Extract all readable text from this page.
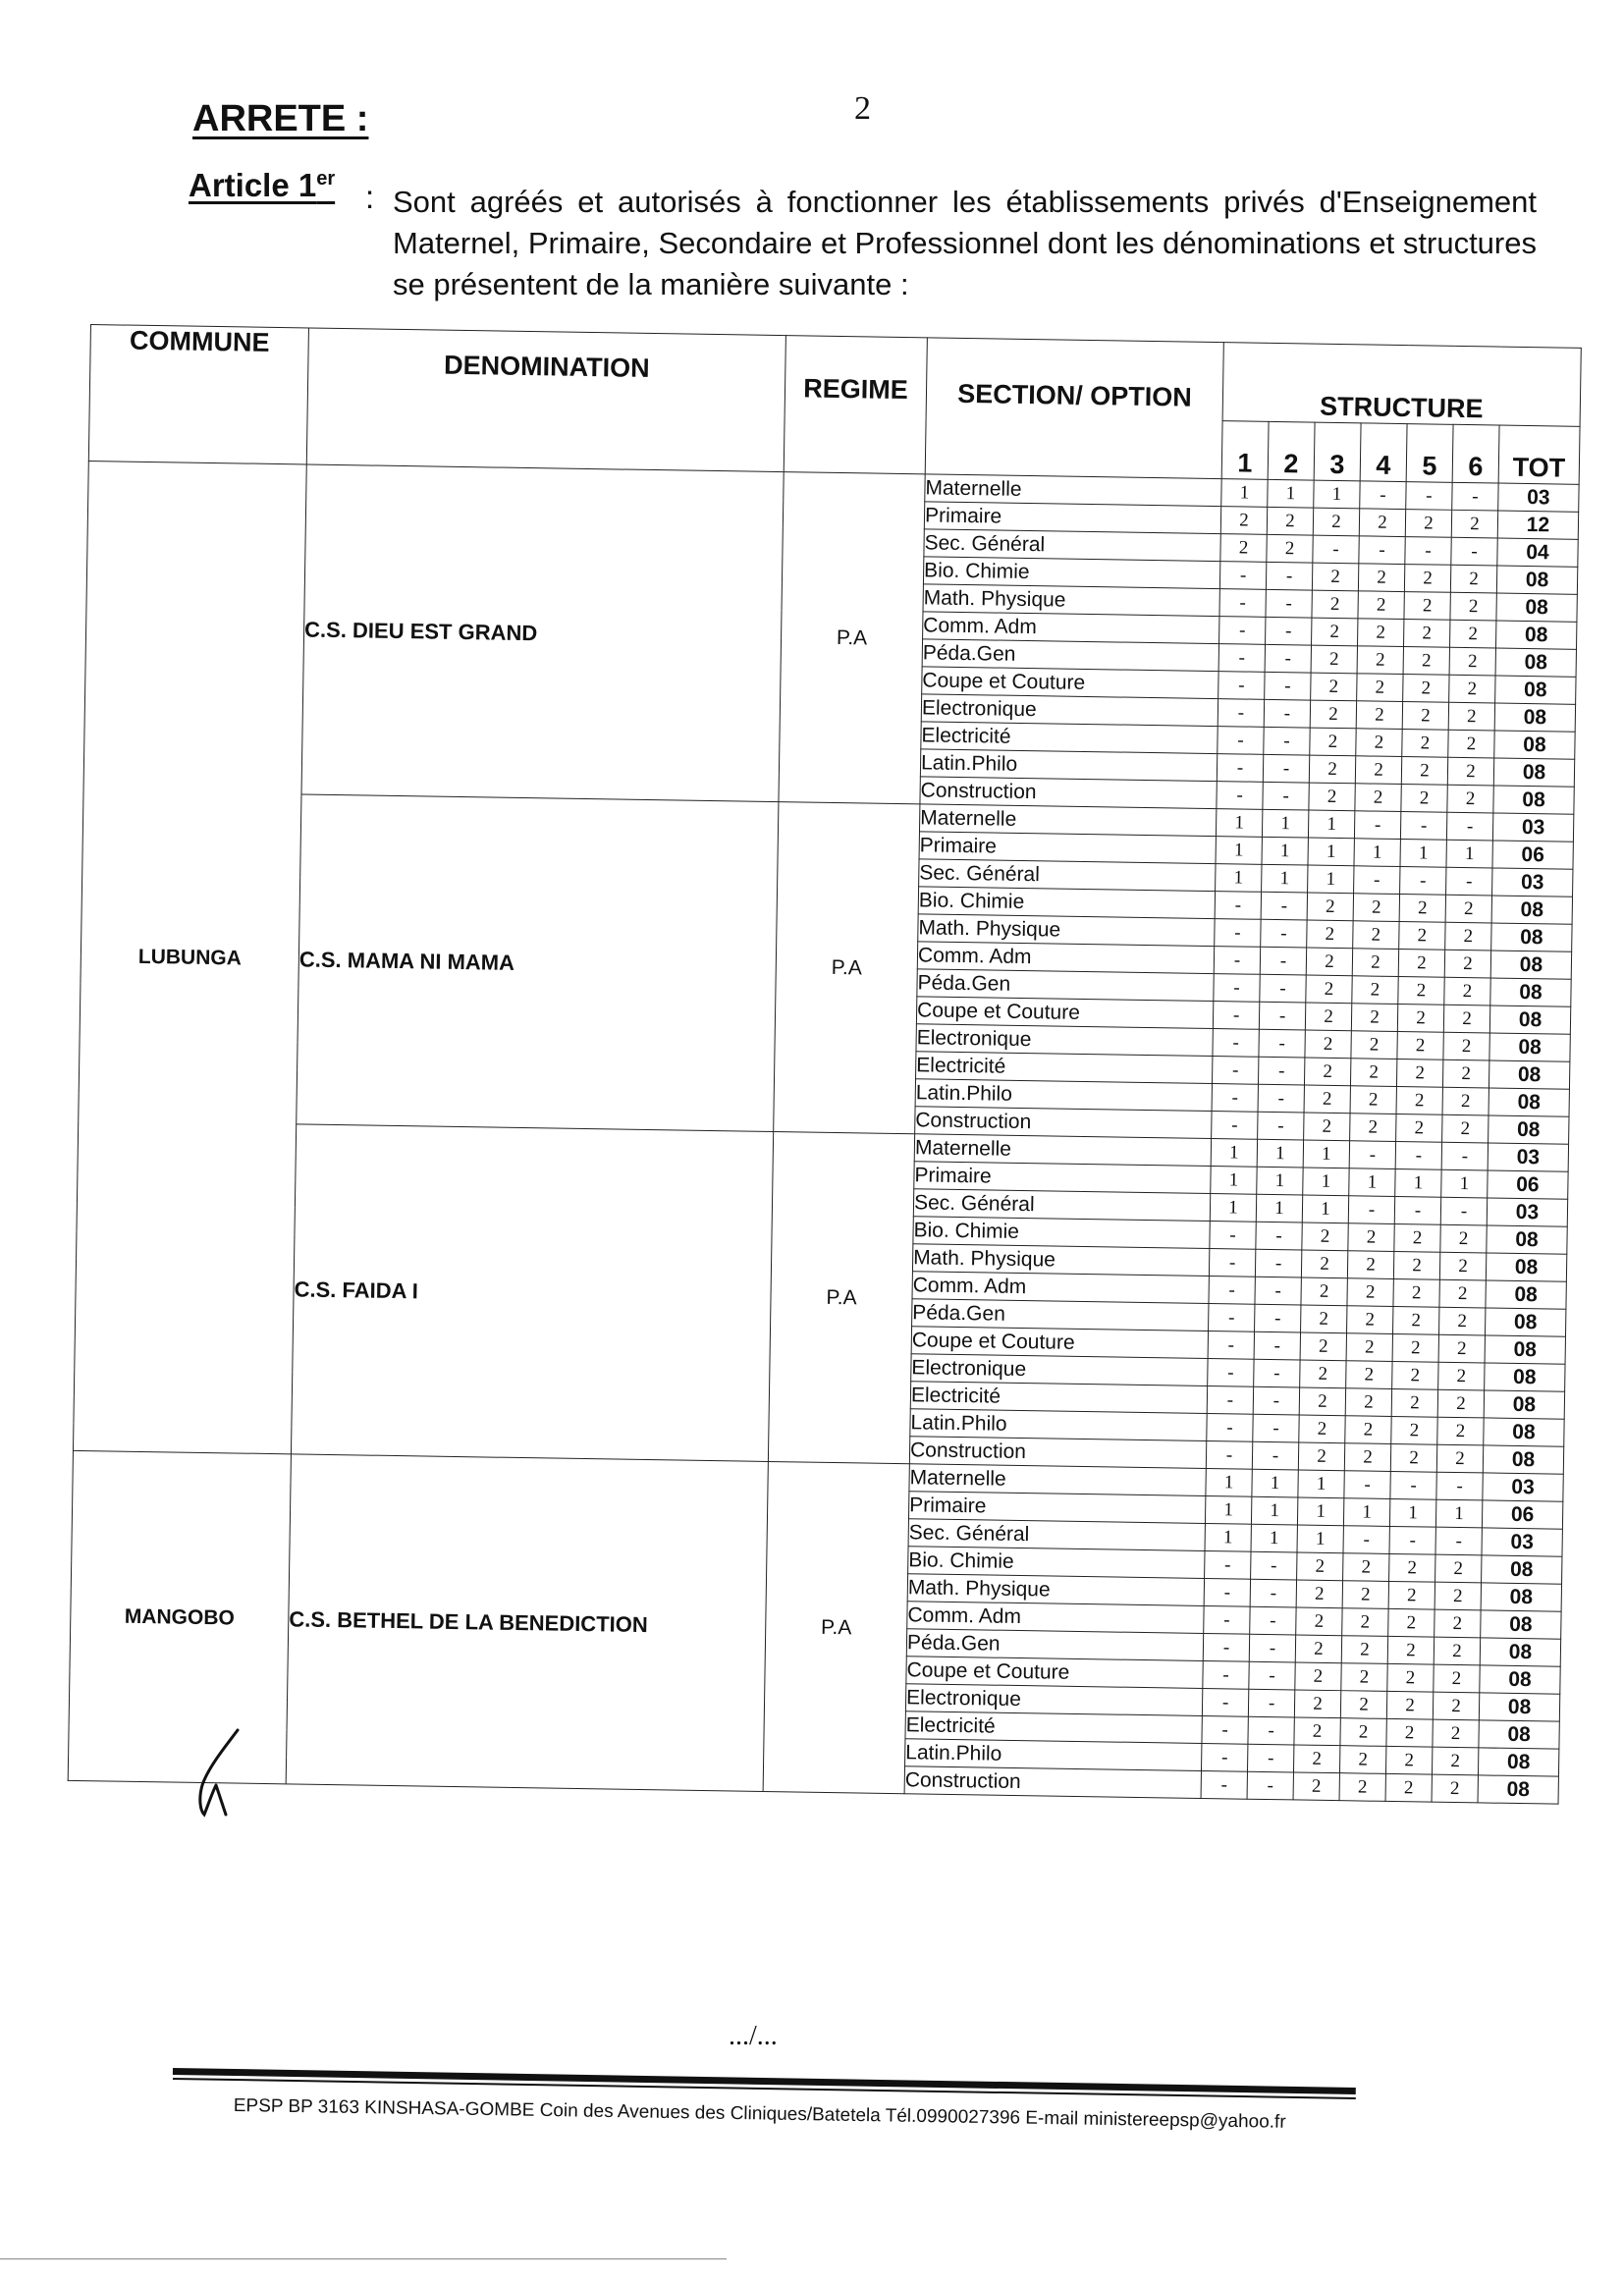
2
ARRETE :
Article 1er : Sont agréés et autorisés à fonctionner les établissements privés d'Enseignement Maternel, Primaire, Secondaire et Professionnel dont les dénominations et structures se présentent de la manière suivante :
COMMUNE	DENOMINATION	REGIME	SECTION/ OPTION	STRUCTURE						
				1	2	3	4	5	6	TOT
LUBUNGA	C.S. DIEU EST GRAND	P.A	Maternelle	1	1	1	-	-	-	03
			Primaire	2	2	2	2	2	2	12
			Sec. Général	2	2	-	-	-	-	04
			Bio. Chimie	-	-	2	2	2	2	08
			Math. Physique	-	-	2	2	2	2	08
			Comm. Adm	-	-	2	2	2	2	08
			Péda.Gen	-	-	2	2	2	2	08
			Coupe et Couture	-	-	2	2	2	2	08
			Electronique	-	-	2	2	2	2	08
			Electricité	-	-	2	2	2	2	08
			Latin.Philo	-	-	2	2	2	2	08
			Construction	-	-	2	2	2	2	08
	C.S. MAMA NI MAMA	P.A	Maternelle	1	1	1	-	-	-	03
			Primaire	1	1	1	1	1	1	06
			Sec. Général	1	1	1	-	-	-	03
			Bio. Chimie	-	-	2	2	2	2	08
			Math. Physique	-	-	2	2	2	2	08
			Comm. Adm	-	-	2	2	2	2	08
			Péda.Gen	-	-	2	2	2	2	08
			Coupe et Couture	-	-	2	2	2	2	08
			Electronique	-	-	2	2	2	2	08
			Electricité	-	-	2	2	2	2	08
			Latin.Philo	-	-	2	2	2	2	08
			Construction	-	-	2	2	2	2	08
	C.S. FAIDA I	P.A	Maternelle	1	1	1	-	-	-	03
			Primaire	1	1	1	1	1	1	06
			Sec. Général	1	1	1	-	-	-	03
			Bio. Chimie	-	-	2	2	2	2	08
			Math. Physique	-	-	2	2	2	2	08
			Comm. Adm	-	-	2	2	2	2	08
			Péda.Gen	-	-	2	2	2	2	08
			Coupe et Couture	-	-	2	2	2	2	08
			Electronique	-	-	2	2	2	2	08
			Electricité	-	-	2	2	2	2	08
			Latin.Philo	-	-	2	2	2	2	08
			Construction	-	-	2	2	2	2	08
MANGOBO	C.S. BETHEL DE LA BENEDICTION	P.A	Maternelle	1	1	1	-	-	-	03
			Primaire	1	1	1	1	1	1	06
			Sec. Général	1	1	1	-	-	-	03
			Bio. Chimie	-	-	2	2	2	2	08
			Math. Physique	-	-	2	2	2	2	08
			Comm. Adm	-	-	2	2	2	2	08
			Péda.Gen	-	-	2	2	2	2	08
			Coupe et Couture	-	-	2	2	2	2	08
			Electronique	-	-	2	2	2	2	08
			Electricité	-	-	2	2	2	2	08
			Latin.Philo	-	-	2	2	2	2	08
			Construction	-	-	2	2	2	2	08
.../...
EPSP BP 3163 KINSHASA-GOMBE Coin des Avenues des Cliniques/Batetela Tél.0990027396 E-mail ministereepsp@yahoo.fr
